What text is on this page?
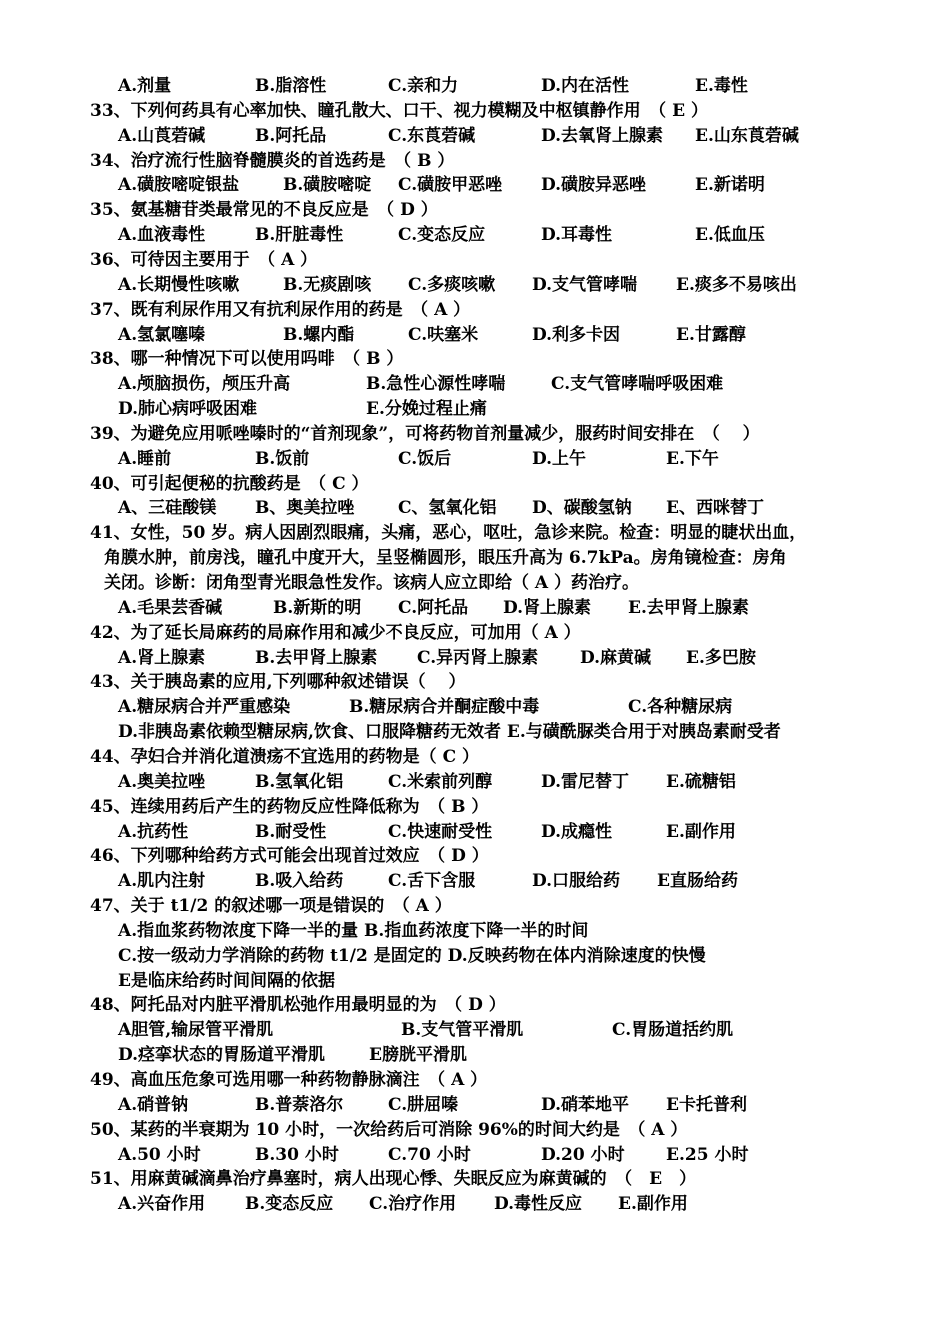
A.剂量	B.脂溶性	C.亲和力	D.内在活性	E.毒性
33、下列何药具有心率加快、瞳孔散大、口干、视力模糊及中枢镇静作用　（ E ）
A.山莨菪碱	B.阿托品	C.东莨菪碱	D.去氧肾上腺素 E.山东莨菪碱
34、治疗流行性脑脊髓膜炎的首选药是　（ B ）
A.磺胺嘧啶银盐	B.磺胺嘧啶 C.磺胺甲恶唑 D.磺胺异恶唑	E.新诺明
35、氨基糖苷类最常见的不良反应是　（ D ）
A.血液毒性	B.肝脏毒性	C.变态反应	D.耳毒性	E.低血压
36、可待因主要用于　（ A ）
A.长期慢性咳嗽	B.无痰剧咳 C.多痰咳嗽 D.支气管哮喘 E.痰多不易咳出
37、既有利尿作用又有抗利尿作用的药是　（ A ）
A.氢氯噻嗪	B.螺内酯	C.呋塞米	D.利多卡因	E.甘露醇
38、哪一种情况下可以使用吗啡　（ B ）
A.颅脑损伤，颅压升高	B.急性心源性哮喘	C.支气管哮喘呼吸困难
D.肺心病呼吸困难	E.分娩过程止痛
39、为避免应用哌唑嗪时的“首剂现象”，可将药物首剂量减少，服药时间安排在　（　 ）
A.睡前	B.饭前	C.饭后	D.上午	E.下午
40、可引起便秘的抗酸药是　（ C ）
A、三硅酸镁 B、奥美拉唑	C、氢氧化铝 D、碳酸氢钠 E、西咪替丁
41、女性，50 岁。病人因剧烈眼痛，头痛，恶心，呕吐，急诊来院。检查：明显的睫状出血，
角膜水肿，前房浅，瞳孔中度开大，呈竖椭圆形，眼压升高为 6.7kPa。房角镜检查：房角
关闭。诊断：闭角型青光眼急性发作。该病人应立即给（ A ）药治疗。
A.毛果芸香碱	B.新斯的明 C.阿托品 D.肾上腺素 E.去甲肾上腺素
42、为了延长局麻药的局麻作用和减少不良反应，可加用（ A ）
A.肾上腺素	B.去甲肾上腺素 C.异丙肾上腺素 D.麻黄碱 E.多巴胺
43、关于胰岛素的应用,下列哪种叙述错误（　 ）
A.糖尿病合并严重感染	B.糖尿病合并酮症酸中毒	C.各种糖尿病
D.非胰岛素依赖型糖尿病,饮食、口服降糖药无效者 E.与磺酰脲类合用于对胰岛素耐受者
44、孕妇合并消化道溃疡不宜选用的药物是（ C ）
A.奥美拉唑	B.氢氧化铝	C.米索前列醇	D.雷尼替丁 E.硫糖铝
45、连续用药后产生的药物反应性降低称为　（ B ）
A.抗药性	B.耐受性	C.快速耐受性	D.成瘾性	E.副作用
46、下列哪种给药方式可能会出现首过效应　（ D ）
A.肌内注射	B.吸入给药	C.舌下含服	D.口服给药 E直肠给药
47、关于 t1/2 的叙述哪一项是错误的　（ A ）
A.指血浆药物浓度下降一半的量 B.指血药浓度下降一半的时间
C.按一级动力学消除的药物 t1/2 是固定的 D.反映药物在体内消除速度的快慢
E是临床给药时间间隔的依据
48、阿托品对内脏平滑肌松弛作用最明显的为　（ D ）
A胆管,输尿管平滑肌	B.支气管平滑肌	C.胃肠道括约肌
D.痉挛状态的胃肠道平滑肌	E膀胱平滑肌
49、高血压危象可选用哪一种药物静脉滴注　（ A ）
A.硝普钠	B.普萘洛尔	C.肼屈嗪	D.硝苯地平 E卡托普利
50、某药的半衰期为 10 小时，一次给药后可消除 96%的时间大约是　（ A ）
A.50 小时	B.30 小时	C.70 小时	D.20 小时 E.25 小时
51、用麻黄碱滴鼻治疗鼻塞时，病人出现心悸、失眠反应为麻黄碱的　（　E　）
A.兴奋作用 B.变态反应 C.治疗作用 D.毒性反应 E.副作用
